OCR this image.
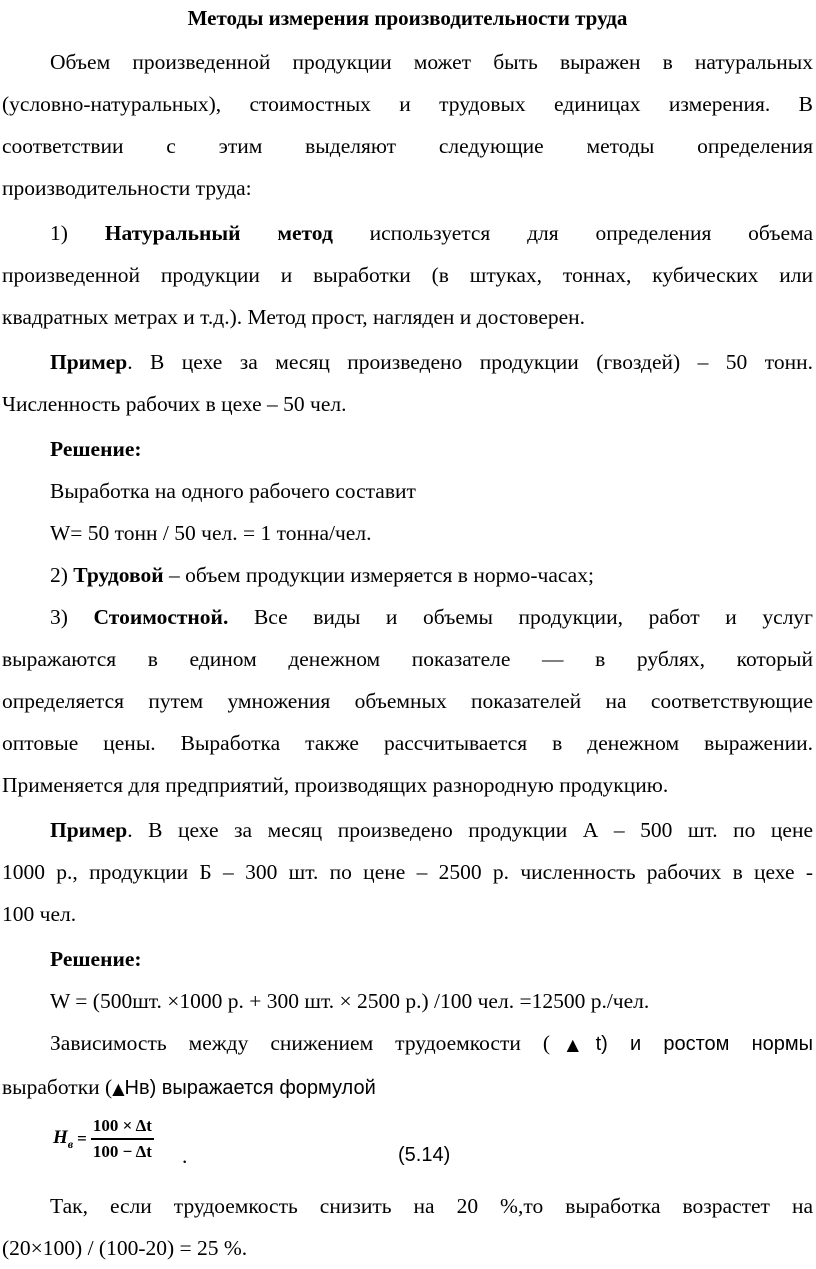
Методы измерения производительности труда

Объем произведенной продукции может быть выражен в натуральных

(условно-натуральных), стоимостных и трудовых единицах измерения. В

соответствии с этим выделяют следующие методы определения

производительности труда:

1) Натуральный метод используется для определения объема

произведенной продукции и выработки (в штуках, тоннах, кубических или

квадратных метрах и т.д.). Метод прост, нагляден и достоверен.

Пример. В цехе за месяц произведено продукции (гвоздей) – 50 тонн.

Численность рабочих в цехе – 50 чел.

Решение:

Выработка на одного рабочего составит

W= 50 тонн / 50 чел. = 1 тонна/чел.

2) Трудовой – объем продукции измеряется в нормо-часах;

3) Стоимостной. Все виды и объемы продукции, работ и услуг

выражаются в едином денежном показателе — в рублях, который

определяется путем умножения объемных показателей на соответствующие

оптовые цены. Выработка также рассчитывается в денежном выражении.

Применяется для предприятий, производящих разнородную продукцию.

Пример. В цехе за месяц произведено продукции А – 500 шт. по цене

1000 р., продукции Б – 300 шт. по цене – 2500 р. численность рабочих в цехе -

100 чел.

Решение:

W = (500шт. ×1000 р. + 300 шт. × 2500 р.) /100 чел. =12500 р./чел.

Зависимость между снижением трудоемкости (▲t) и ростом нормы

выработки (▲Нв) выражается формулой

$H_в = \frac{100 \times \Delta t}{100 - \Delta t}$ .	(5.14)

Так, если трудоемкость снизить на 20 %,то выработка возрастет на

(20×100) / (100-20) = 25 %.
